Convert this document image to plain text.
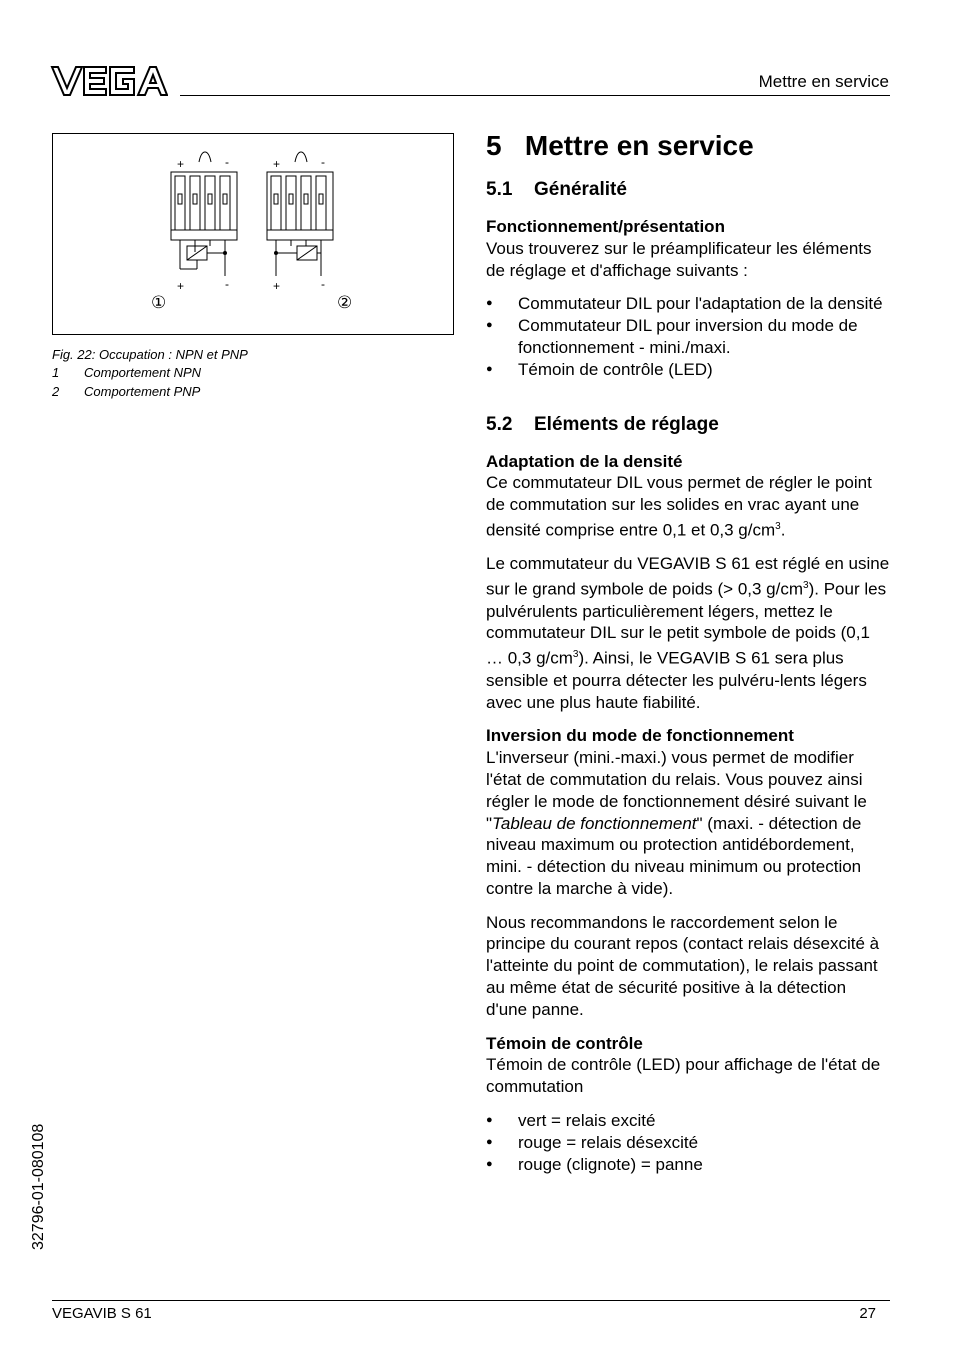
Mettre en service
+	-	+	-
+	-	+	-
①	②
Fig. 22: Occupation : NPN et PNP
1 Comportement NPN
2 Comportement PNP
5   Mettre en service
5.1 Généralité
Fonctionnement/présentation

Vous trouverez sur le préamplificateur les éléments de réglage et d'affichage suivants :

● Commutateur DIL pour l'adaptation de la densité
● Commutateur DIL pour inversion du mode de fonctionnement - mini./maxi.
● Témoin de contrôle (LED)
5.2 Eléments de réglage
Adaptation de la densité

Ce commutateur DIL vous permet de régler le point de commutation sur les solides en vrac ayant une densité comprise entre 0,1 et 0,3 $g/cm^3$.

Le commutateur du VEGAVIB S 61 est réglé en usine sur le grand symbole de poids (> 0,3 $g/cm^3$). Pour les pulvérulents particulièrement légers, mettez le commutateur DIL sur le petit symbole de poids (0,1 … 0,3 $g/cm^3$). Ainsi, le VEGAVIB S 61 sera plus sensible et pourra détecter les pulvéru-lents légers avec une plus haute fiabilité.

Inversion du mode de fonctionnement

L'inverseur (mini.-maxi.) vous permet de modifier l'état de commutation du relais. Vous pouvez ainsi régler le mode de fonctionnement désiré suivant le "Tableau de fonctionnement" (maxi. - détection de niveau maximum ou protection antidébordement, mini. - détection du niveau minimum ou protection contre la marche à vide).

Nous recommandons le raccordement selon le principe du courant repos (contact relais désexcité à l'atteinte du point de commutation), le relais passant au même état de sécurité positive à la détection d'une panne.

Témoin de contrôle

Témoin de contrôle (LED) pour affichage de l'état de commutation

● vert = relais excité
● rouge = relais désexcité
● rouge (clignote) = panne
32796-01-080108
VEGAVIB S 61	27
